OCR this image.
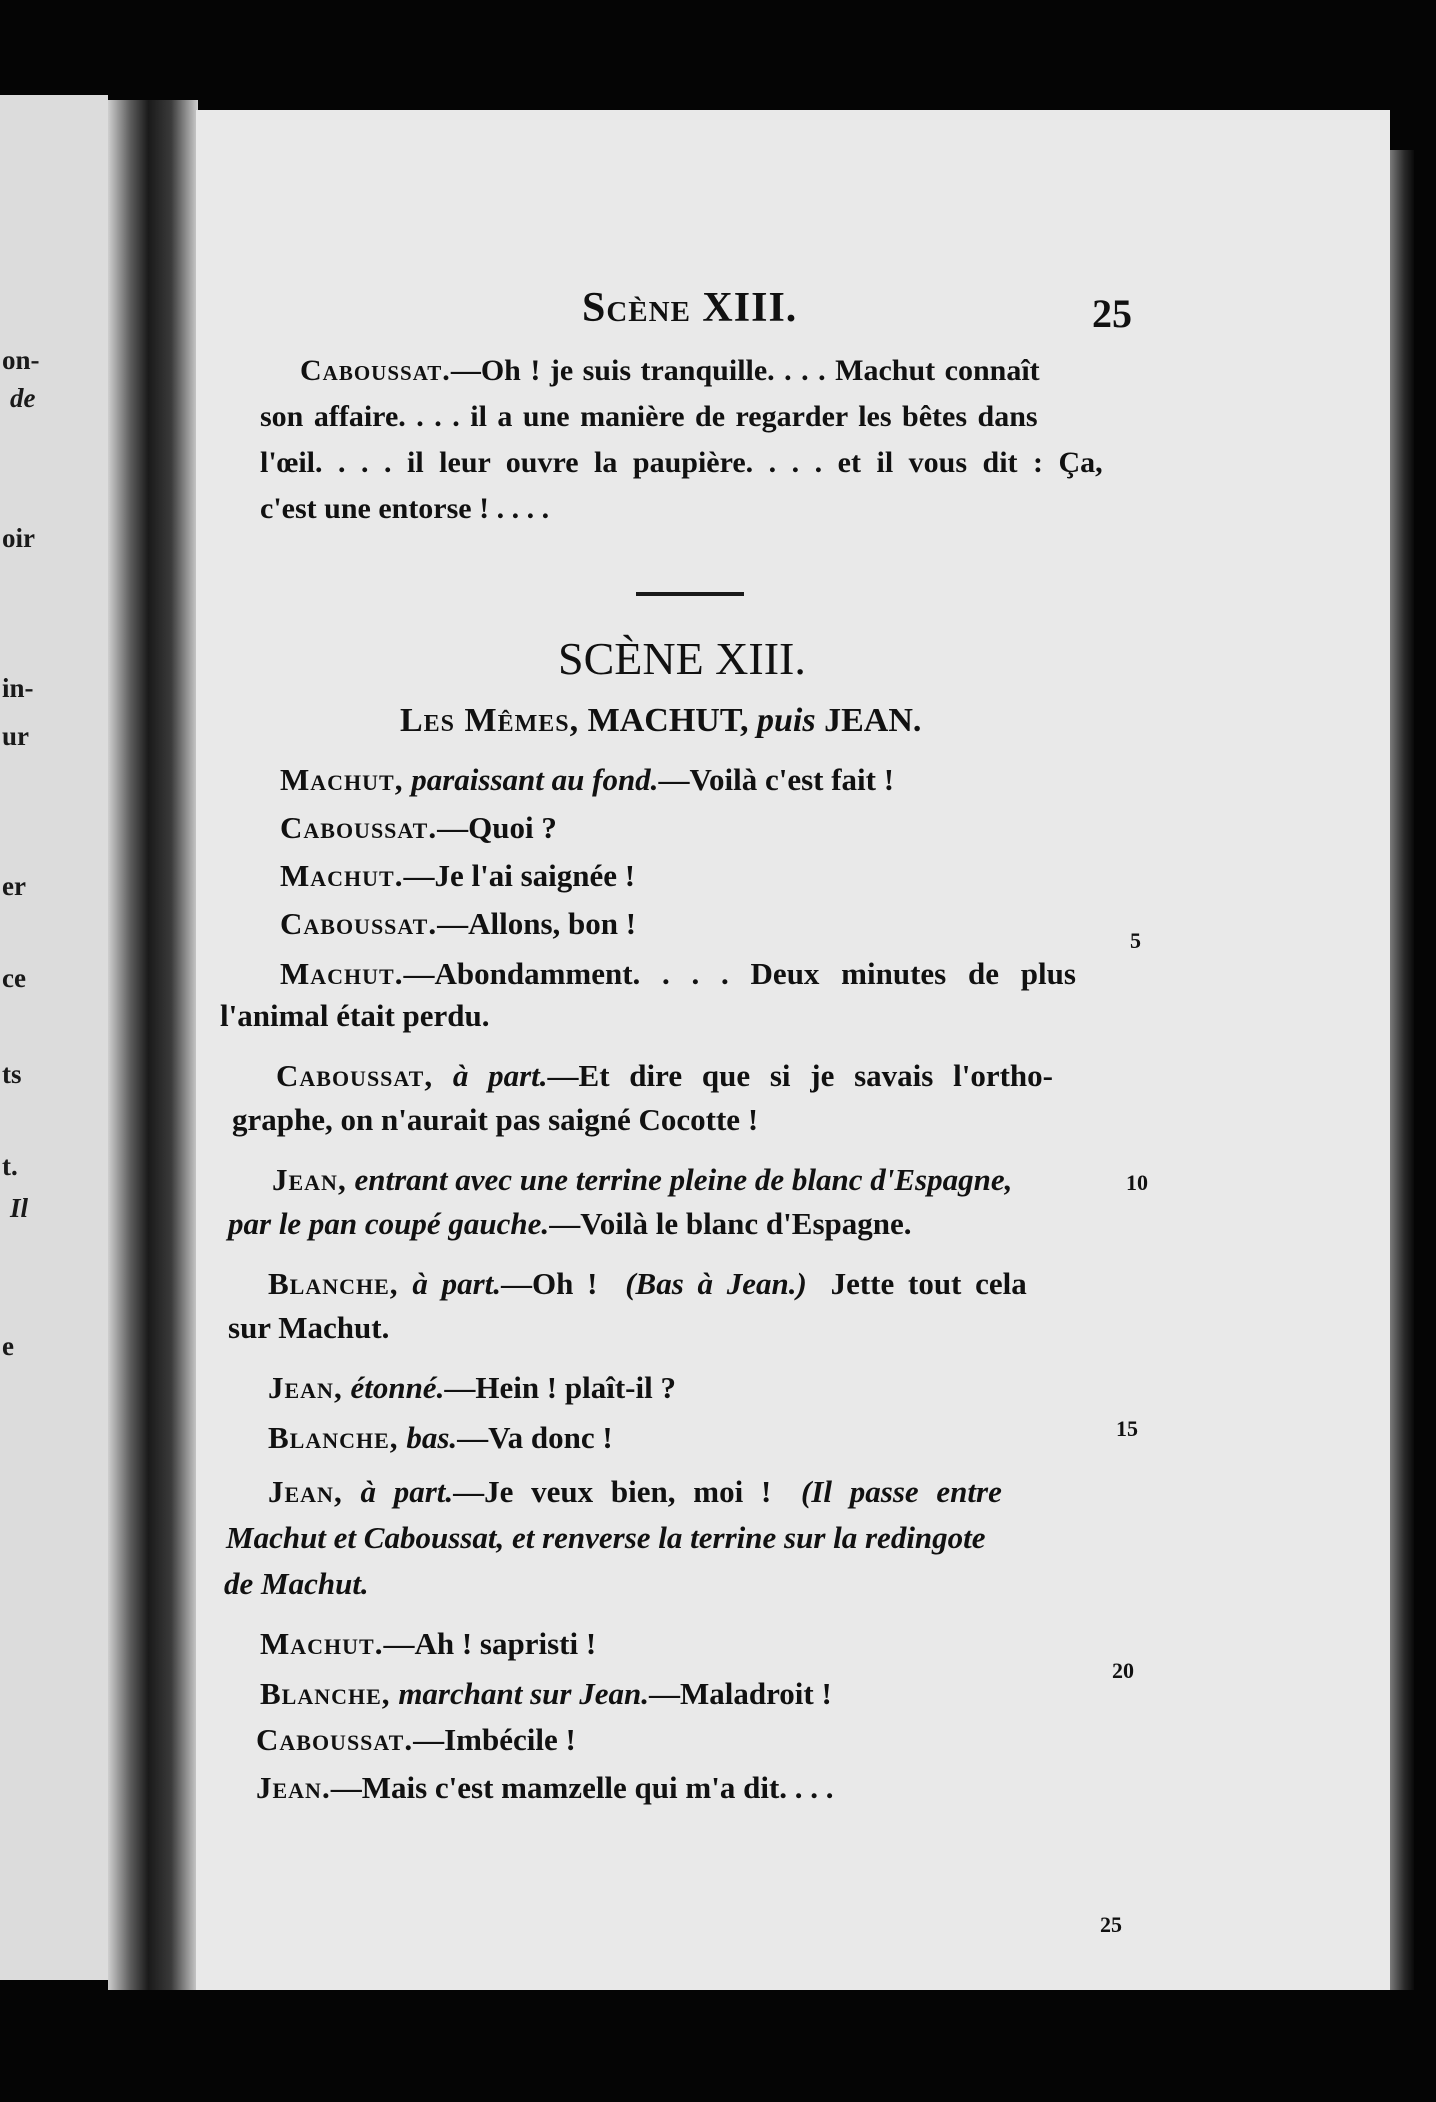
on-
de
oir
in-
ur
er
ce
ts
t.
Il
e
Scène XIII.	25
Caboussat.—Oh ! je suis tranquille. . . . Machut connaît
son affaire. . . . il a une manière de regarder les bêtes dans
l'œil. . . . il leur ouvre la paupière. . . . et il vous dit : Ça,
c'est une entorse ! . . . .
SCÈNE XIII.
Les Mêmes, MACHUT, puis JEAN.
Machut, paraissant au fond.—Voilà c'est fait !
Caboussat.—Quoi ?
Machut.—Je l'ai saignée !
Caboussat.—Allons, bon !
Machut.—Abondamment. . . . Deux minutes de plus
l'animal était perdu.
Caboussat, à part.—Et dire que si je savais l'ortho-
graphe, on n'aurait pas saigné Cocotte !
Jean, entrant avec une terrine pleine de blanc d'Espagne,
par le pan coupé gauche.—Voilà le blanc d'Espagne.
Blanche, à part.—Oh ! (Bas à Jean.) Jette tout cela
sur Machut.
Jean, étonné.—Hein ! plaît-il ?
Blanche, bas.—Va donc !
Jean, à part.—Je veux bien, moi ! (Il passe entre
Machut et Caboussat, et renverse la terrine sur la redingote
de Machut.
Machut.—Ah ! sapristi !
Blanche, marchant sur Jean.—Maladroit !
Caboussat.—Imbécile !
Jean.—Mais c'est mamzelle qui m'a dit. . . .
5
10
15
20
25
